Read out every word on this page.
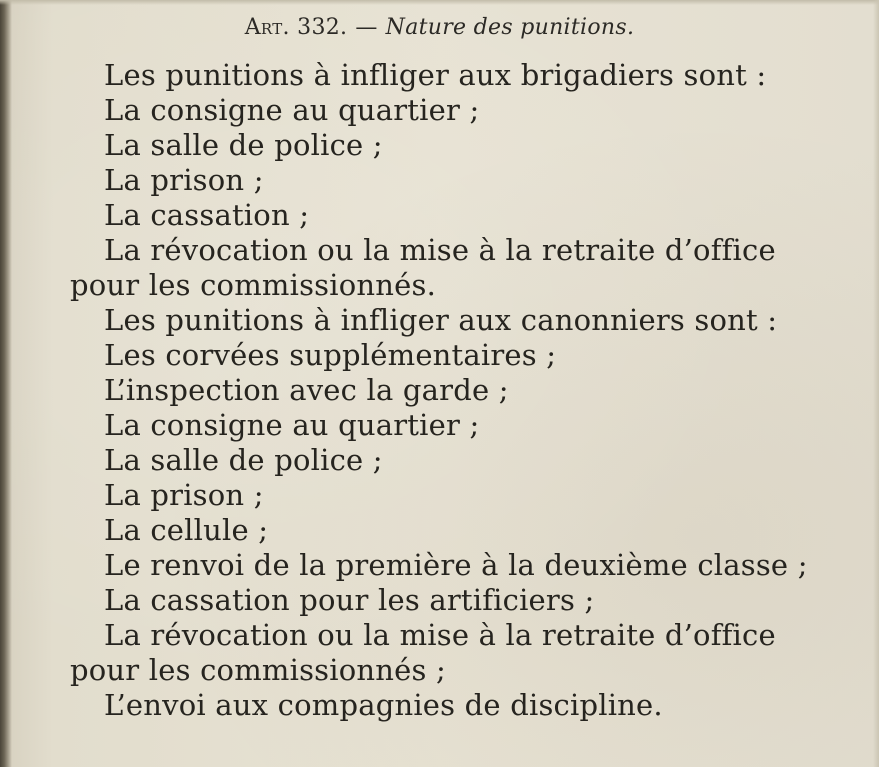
Art. 332. — Nature des punitions.
Les punitions à infliger aux brigadiers sont :
La consigne au quartier ;
La salle de police ;
La prison ;
La cassation ;
La révocation ou la mise à la retraite d’office
pour les commissionnés.
Les punitions à infliger aux canonniers sont :
Les corvées supplémentaires ;
L’inspection avec la garde ;
La consigne au quartier ;
La salle de police ;
La prison ;
La cellule ;
Le renvoi de la première à la deuxième classe ;
La cassation pour les artificiers ;
La révocation ou la mise à la retraite d’office
pour les commissionnés ;
L’envoi aux compagnies de discipline.
